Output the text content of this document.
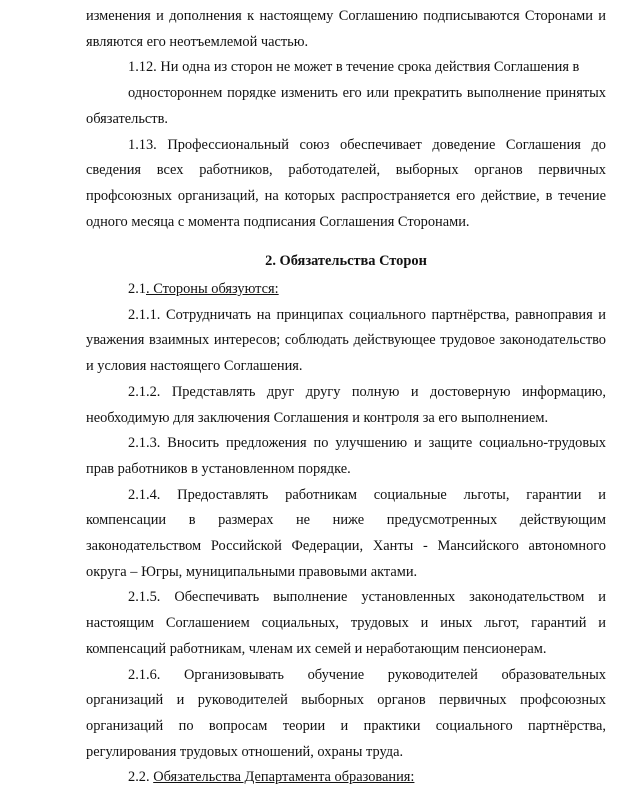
изменения и дополнения к настоящему Соглашению подписываются Сторонами и являются его неотъемлемой частью.

1.12. Ни одна из сторон не может в течение срока действия Соглашения в

одностороннем порядке изменить его или прекратить выполнение принятых обязательств.

1.13. Профессиональный союз обеспечивает доведение Соглашения до сведения всех работников, работодателей, выборных органов первичных профсоюзных организаций, на которых распространяется его действие, в течение одного месяца с момента подписания Соглашения Сторонами.

2. Обязательства Сторон

2.1. Стороны обязуются:

2.1.1. Сотрудничать на принципах социального партнёрства, равноправия и уважения взаимных интересов; соблюдать действующее трудовое законодательство и условия настоящего Соглашения.

2.1.2. Представлять друг другу полную и достоверную информацию, необходимую для заключения Соглашения и контроля за его выполнением.

2.1.3. Вносить предложения по улучшению и защите социально-трудовых прав работников в установленном порядке.

2.1.4. Предоставлять работникам социальные льготы, гарантии и компенсации в размерах не ниже предусмотренных действующим законодательством Российской Федерации, Ханты - Мансийского автономного округа – Югры, муниципальными правовыми актами.

2.1.5. Обеспечивать выполнение установленных законодательством и настоящим Соглашением социальных, трудовых и иных льгот, гарантий и компенсаций работникам, членам их семей и неработающим пенсионерам.

2.1.6. Организовывать обучение руководителей образовательных организаций и руководителей выборных органов первичных профсоюзных организаций по вопросам теории и практики социального партнёрства, регулирования трудовых отношений, охраны труда.

2.2. Обязательства Департамента образования:
